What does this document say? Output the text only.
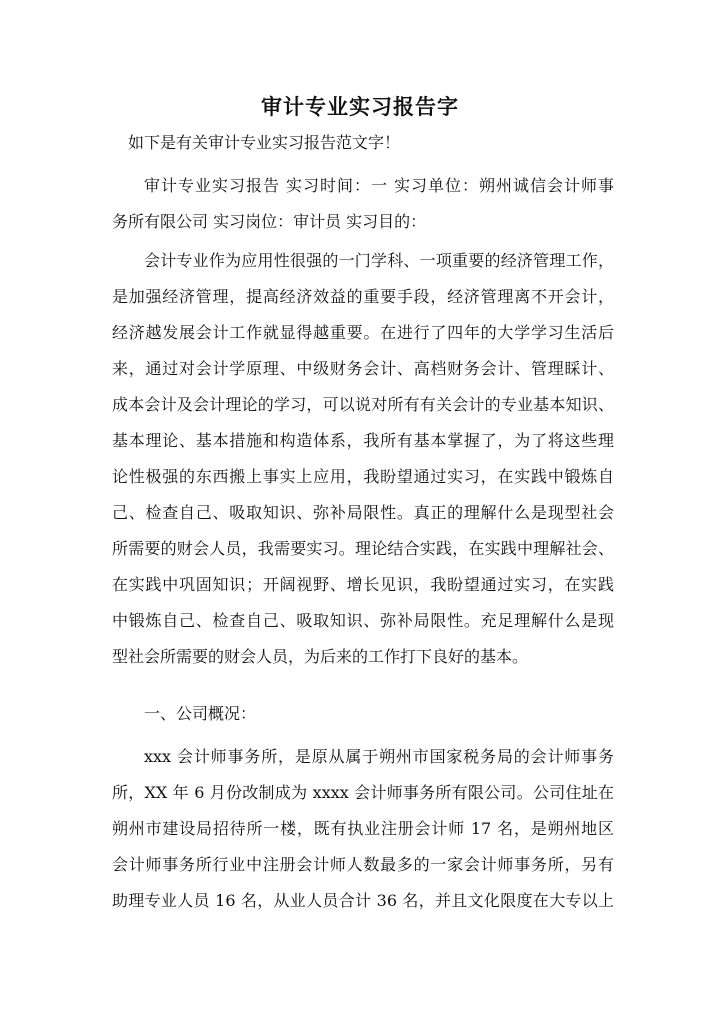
审计专业实习报告字
如下是有关审计专业实习报告范文字！
审计专业实习报告 实习时间：一 实习单位：朔州诚信会计师事
务所有限公司 实习岗位：审计员 实习目的：
会计专业作为应用性很强的一门学科、一项重要的经济管理工作，
是加强经济管理，提高经济效益的重要手段，经济管理离不开会计，
经济越发展会计工作就显得越重要。在进行了四年的大学学习生活后
来，通过对会计学原理、中级财务会计、高档财务会计、管理睬计、
成本会计及会计理论的学习，可以说对所有有关会计的专业基本知识、
基本理论、基本措施和构造体系，我所有基本掌握了，为了将这些理
论性极强的东西搬上事实上应用，我盼望通过实习，在实践中锻炼自
己、检查自己、吸取知识、弥补局限性。真正的理解什么是现型社会
所需要的财会人员，我需要实习。理论结合实践，在实践中理解社会、
在实践中巩固知识；开阔视野、增长见识，我盼望通过实习，在实践
中锻炼自己、检查自己、吸取知识、弥补局限性。充足理解什么是现
型社会所需要的财会人员，为后来的工作打下良好的基本。
一、公司概况：
xxx 会计师事务所，是原从属于朔州市国家税务局的会计师事务
所，XX 年 6 月份改制成为 xxxx 会计师事务所有限公司。公司住址在
朔州市建设局招待所一楼，既有执业注册会计师 17 名，是朔州地区
会计师事务所行业中注册会计师人数最多的一家会计师事务所，另有
助理专业人员 16 名，从业人员合计 36 名，并且文化限度在大专以上
